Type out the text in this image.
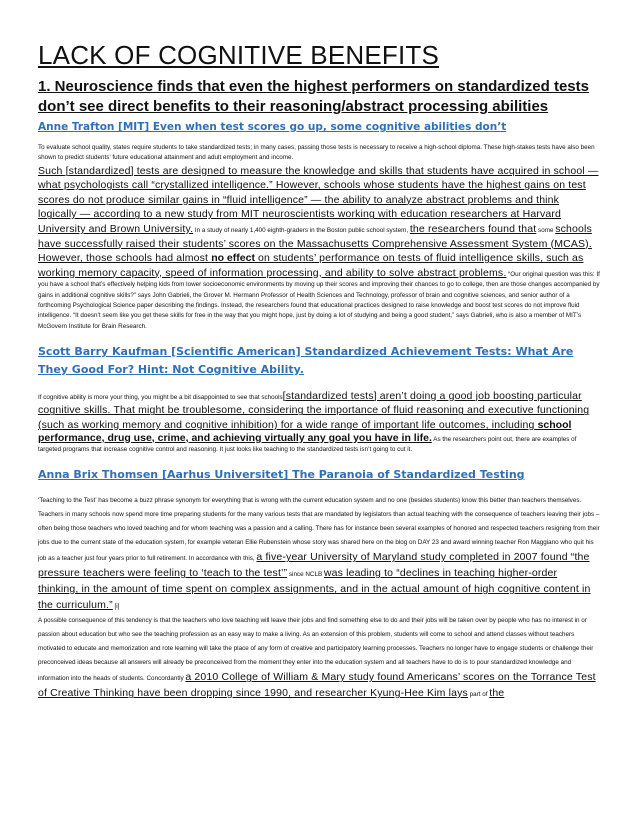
LACK OF COGNITIVE BENEFITS
1. Neuroscience finds that even the highest performers on standardized tests don’t see direct benefits to their reasoning/abstract processing abilities
Anne Trafton [MIT] Even when test scores go up, some cognitive abilities don’t

To evaluate school quality, states require students to take standardized tests; in many cases, passing those tests is necessary to receive a high-school diploma. These high-stakes tests have also been shown to predict students’ future educational attainment and adult employment and income.
Such [standardized] tests are designed to measure the knowledge and skills that students have acquired in school — what psychologists call “crystallized intelligence.” However, schools whose students have the highest gains on test scores do not produce similar gains in “fluid intelligence” — the ability to analyze abstract problems and think logically — according to a new study from MIT neuroscientists working with education researchers at Harvard University and Brown University. In a study of nearly 1,400 eighth-graders in the Boston public school system, the researchers found that some schools have successfully raised their students’ scores on the Massachusetts Comprehensive Assessment System (MCAS). However, those schools had almost no effect on students’ performance on tests of fluid intelligence skills, such as working memory capacity, speed of information processing, and ability to solve abstract problems. “Our original question was this: If you have a school that’s effectively helping kids from lower socioeconomic environments by moving up their scores and improving their chances to go to college, then are those changes accompanied by gains in additional cognitive skills?” says John Gabrieli, the Grover M. Hermann Professor of Health Sciences and Technology, professor of brain and cognitive sciences, and senior author of a forthcoming Psychological Science paper describing the findings. Instead, the researchers found that educational practices designed to raise knowledge and boost test scores do not improve fluid intelligence. “It doesn’t seem like you get these skills for free in the way that you might hope, just by doing a lot of studying and being a good student,” says Gabrieli, who is also a member of MIT’s McGovern Institute for Brain Research.

Scott Barry Kaufman [Scientific American] Standardized Achievement Tests: What Are They Good For? Hint: Not Cognitive Ability.

If cognitive ability is more your thing, you might be a bit disappointed to see that schools[standardized tests] aren’t doing a good job boosting particular cognitive skills. That might be troublesome, considering the importance of fluid reasoning and executive functioning (such as working memory and cognitive inhibition) for a wide range of important life outcomes, including school performance, drug use, crime, and achieving virtually any goal you have in life. As the researchers point out, there are examples of targeted programs that increase cognitive control and reasoning. It just looks like teaching to the standardized tests isn’t going to cut it.

Anna Brix Thomsen [Aarhus Universitet] The Paranoia of Standardized Testing

‘Teaching to the Test’ has become a buzz phrase synonym for everything that is wrong with the current education system and no one (besides students) know this better than teachers themselves. Teachers in many schools now spend more time preparing students for the many various tests that are mandated by legislators than actual teaching with the consequence of teachers leaving their jobs – often being those teachers who loved teaching and for whom teaching was a passion and a calling. There has for instance been several examples of honored and respected teachers resigning from their jobs due to the current state of the education system, for example veteran Ellie Rubenstein whose story was shared here on the blog on DAY 23 and award winning teacher Ron Maggiano who quit his job as a teacher just four years prior to full retirement. In accordance with this, a five-year University of Maryland study completed in 2007 found “the pressure teachers were feeling to ‘teach to the test’” since NCLB was leading to “declines in teaching higher-order thinking, in the amount of time spent on complex assignments, and in the actual amount of high cognitive content in the curriculum.” [i]
A possible consequence of this tendency is that the teachers who love teaching will leave their jobs and find something else to do and their jobs will be taken over by people who has no interest in or passion about education but who see the teaching profession as an easy way to make a living. As an extension of this problem, students will come to school and attend classes without teachers motivated to educate and memorization and rote learning will take the place of any form of creative and participatory learning processes. Teachers no longer have to engage students or challenge their preconceived ideas because all answers will already be preconceived from the moment they enter into the education system and all teachers have to do is to pour standardized knowledge and information into the heads of students. Concordantly a 2010 College of William & Mary study found Americans’ scores on the Torrance Test of Creative Thinking have been dropping since 1990, and researcher Kyung-Hee Kim lays part of the
